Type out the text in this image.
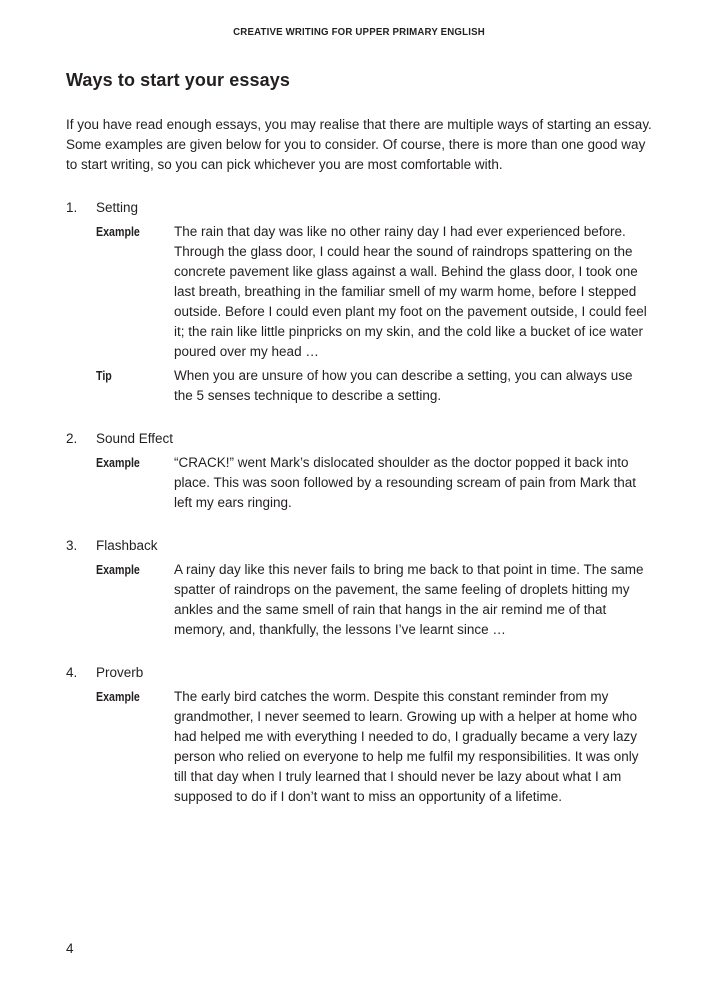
CREATIVE WRITING FOR UPPER PRIMARY ENGLISH
Ways to start your essays

If you have read enough essays, you may realise that there are multiple ways of starting an essay. Some examples are given below for you to consider. Of course, there is more than one good way to start writing, so you can pick whichever you are most comfortable with.

1.	Setting
Example	The rain that day was like no other rainy day I had ever experienced before. Through the glass door, I could hear the sound of raindrops spattering on the concrete pavement like glass against a wall. Behind the glass door, I took one last breath, breathing in the familiar smell of my warm home, before I stepped outside. Before I could even plant my foot on the pavement outside, I could feel it; the rain like little pinpricks on my skin, and the cold like a bucket of ice water poured over my head …

Tip	When you are unsure of how you can describe a setting, you can always use the 5 senses technique to describe a setting.

2.	Sound Effect
Example	“CRACK!” went Mark’s dislocated shoulder as the doctor popped it back into place. This was soon followed by a resounding scream of pain from Mark that left my ears ringing.

3.	Flashback
Example	A rainy day like this never fails to bring me back to that point in time. The same spatter of raindrops on the pavement, the same feeling of droplets hitting my ankles and the same smell of rain that hangs in the air remind me of that memory, and, thankfully, the lessons I’ve learnt since …

4.	Proverb
Example	The early bird catches the worm. Despite this constant reminder from my grandmother, I never seemed to learn. Growing up with a helper at home who had helped me with everything I needed to do, I gradually became a very lazy person who relied on everyone to help me fulfil my responsibilities. It was only till that day when I truly learned that I should never be lazy about what I am supposed to do if I don’t want to miss an opportunity of a lifetime.

4
